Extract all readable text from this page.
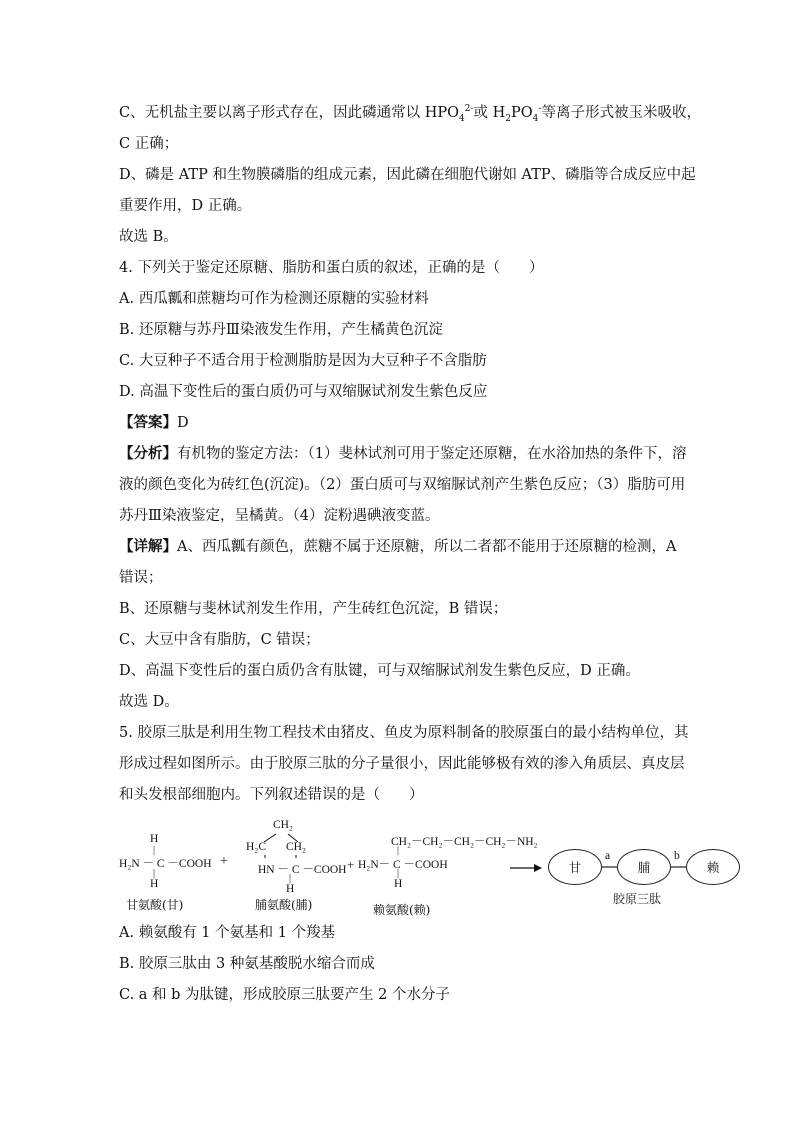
C、无机盐主要以离子形式存在，因此磷通常以 $HPO_4^{2-}$或 $H_2PO_4^-$等离子形式被玉米吸收，
C 正确；
D、磷是 ATP 和生物膜磷脂的组成元素，因此磷在细胞代谢如 ATP、磷脂等合成反应中起
重要作用，D 正确。
故选 B。
4. 下列关于鉴定还原糖、脂肪和蛋白质的叙述，正确的是（　　）
A. 西瓜瓤和蔗糖均可作为检测还原糖的实验材料
B. 还原糖与苏丹Ⅲ染液发生作用，产生橘黄色沉淀
C. 大豆种子不适合用于检测脂肪是因为大豆种子不含脂肪
D. 高温下变性后的蛋白质仍可与双缩脲试剂发生紫色反应
【答案】D
【分析】有机物的鉴定方法：（1）斐林试剂可用于鉴定还原糖，在水浴加热的条件下，溶
液的颜色变化为砖红色(沉淀)。（2）蛋白质可与双缩脲试剂产生紫色反应；（3）脂肪可用
苏丹Ⅲ染液鉴定，呈橘黄。（4）淀粉遇碘液变蓝。
【详解】A、西瓜瓤有颜色，蔗糖不属于还原糖，所以二者都不能用于还原糖的检测，A
错误；
B、还原糖与斐林试剂发生作用，产生砖红色沉淀，B 错误；
C、大豆中含有脂肪，C 错误；
D、高温下变性后的蛋白质仍含有肽键，可与双缩脲试剂发生紫色反应，D 正确。
故选 D。
5. 胶原三肽是利用生物工程技术由猪皮、鱼皮为原料制备的胶原蛋白的最小结构单位，其
形成过程如图所示。由于胶原三肽的分子量很小，因此能够极有效的渗入角质层、真皮层
和头发根部细胞内。下列叙述错误的是（　　）
H
|
H₂N － C －COOH
|
H
甘氨酸(甘)
+
CH₂
H₂C CH₂
HN － C －COOH
|
H
脯氨酸(脯)
+
CH₂－CH₂－CH₂－CH₂－NH₂
|
H₂N－ C －COOH
|
H
赖氨酸(赖)
甘
a
脯
b
赖
胶原三肽
A. 赖氨酸有 1 个氨基和 1 个羧基
B. 胶原三肽由 3 种氨基酸脱水缩合而成
C. a 和 b 为肽键，形成胶原三肽要产生 2 个水分子
